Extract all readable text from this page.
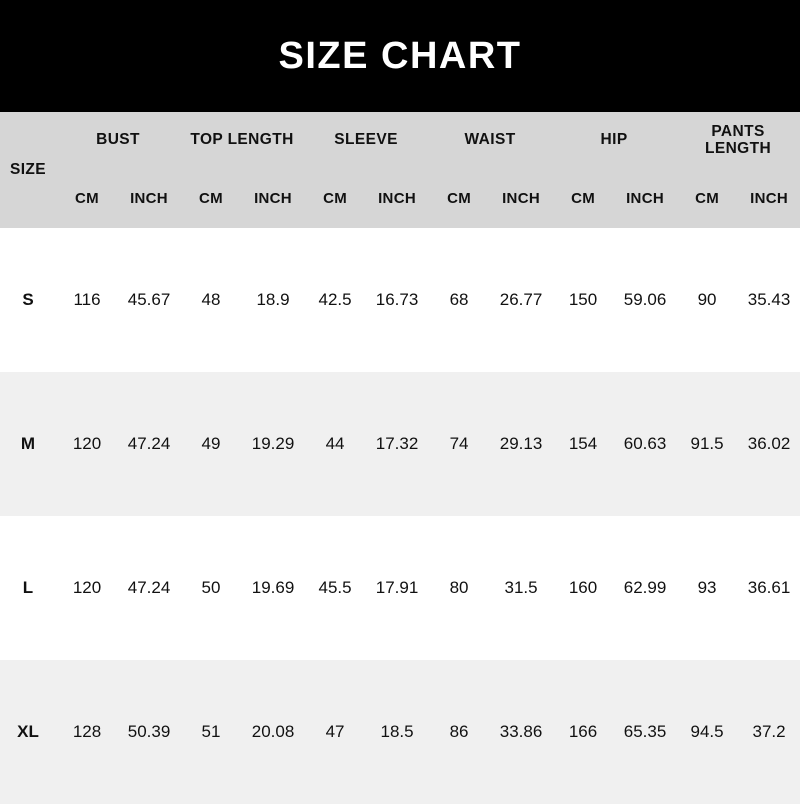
SIZE CHART
SIZE	BUST		TOP LENGTH		SLEEVE		WAIST		HIP		PANTS
LENGTH	

	CM	INCH	CM	INCH	CM	INCH	CM	INCH	CM	INCH	CM	INCH
S	116	45.67	48	18.9	42.5	16.73	68	26.77	150	59.06	90	35.43
M	120	47.24	49	19.29	44	17.32	74	29.13	154	60.63	91.5	36.02
L	120	47.24	50	19.69	45.5	17.91	80	31.5	160	62.99	93	36.61
XL	128	50.39	51	20.08	47	18.5	86	33.86	166	65.35	94.5	37.2
